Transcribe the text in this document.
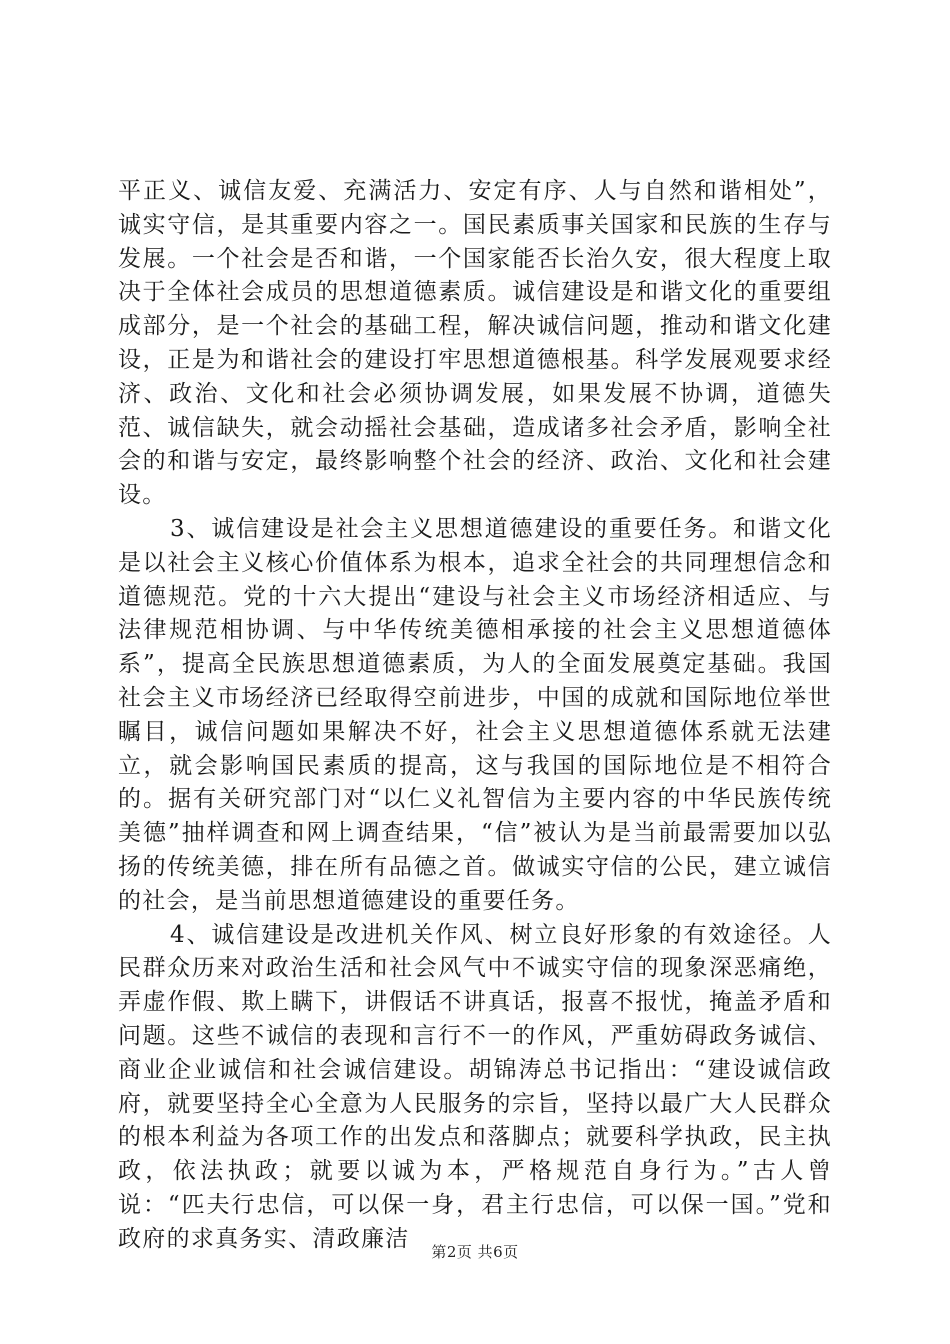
平正义、诚信友爱、充满活力、安定有序、人与自然和谐相处”，诚实守信，是其重要内容之一。国民素质事关国家和民族的生存与发展。一个社会是否和谐，一个国家能否长治久安，很大程度上取决于全体社会成员的思想道德素质。诚信建设是和谐文化的重要组成部分，是一个社会的基础工程，解决诚信问题，推动和谐文化建设，正是为和谐社会的建设打牢思想道德根基。科学发展观要求经济、政治、文化和社会必须协调发展，如果发展不协调，道德失范、诚信缺失，就会动摇社会基础，造成诸多社会矛盾，影响全社会的和谐与安定，最终影响整个社会的经济、政治、文化和社会建设。

3、诚信建设是社会主义思想道德建设的重要任务。和谐文化是以社会主义核心价值体系为根本，追求全社会的共同理想信念和道德规范。党的十六大提出“建设与社会主义市场经济相适应、与法律规范相协调、与中华传统美德相承接的社会主义思想道德体系”，提高全民族思想道德素质，为人的全面发展奠定基础。我国社会主义市场经济已经取得空前进步，中国的成就和国际地位举世瞩目，诚信问题如果解决不好，社会主义思想道德体系就无法建立，就会影响国民素质的提高，这与我国的国际地位是不相符合的。据有关研究部门对“以仁义礼智信为主要内容的中华民族传统美德”抽样调查和网上调查结果，“信”被认为是当前最需要加以弘扬的传统美德，排在所有品德之首。做诚实守信的公民，建立诚信的社会，是当前思想道德建设的重要任务。

4、诚信建设是改进机关作风、树立良好形象的有效途径。人民群众历来对政治生活和社会风气中不诚实守信的现象深恶痛绝，弄虚作假、欺上瞒下，讲假话不讲真话，报喜不报忧，掩盖矛盾和问题。这些不诚信的表现和言行不一的作风，严重妨碍政务诚信、商业企业诚信和社会诚信建设。胡锦涛总书记指出：“建设诚信政府，就要坚持全心全意为人民服务的宗旨，坚持以最广大人民群众的根本利益为各项工作的出发点和落脚点；就要科学执政，民主执政，依法执政；就要以诚为本，严格规范自身行为。”古人曾说：“匹夫行忠信，可以保一身，君主行忠信，可以保一国。”党和政府的求真务实、清政廉洁

第2页 共6页
